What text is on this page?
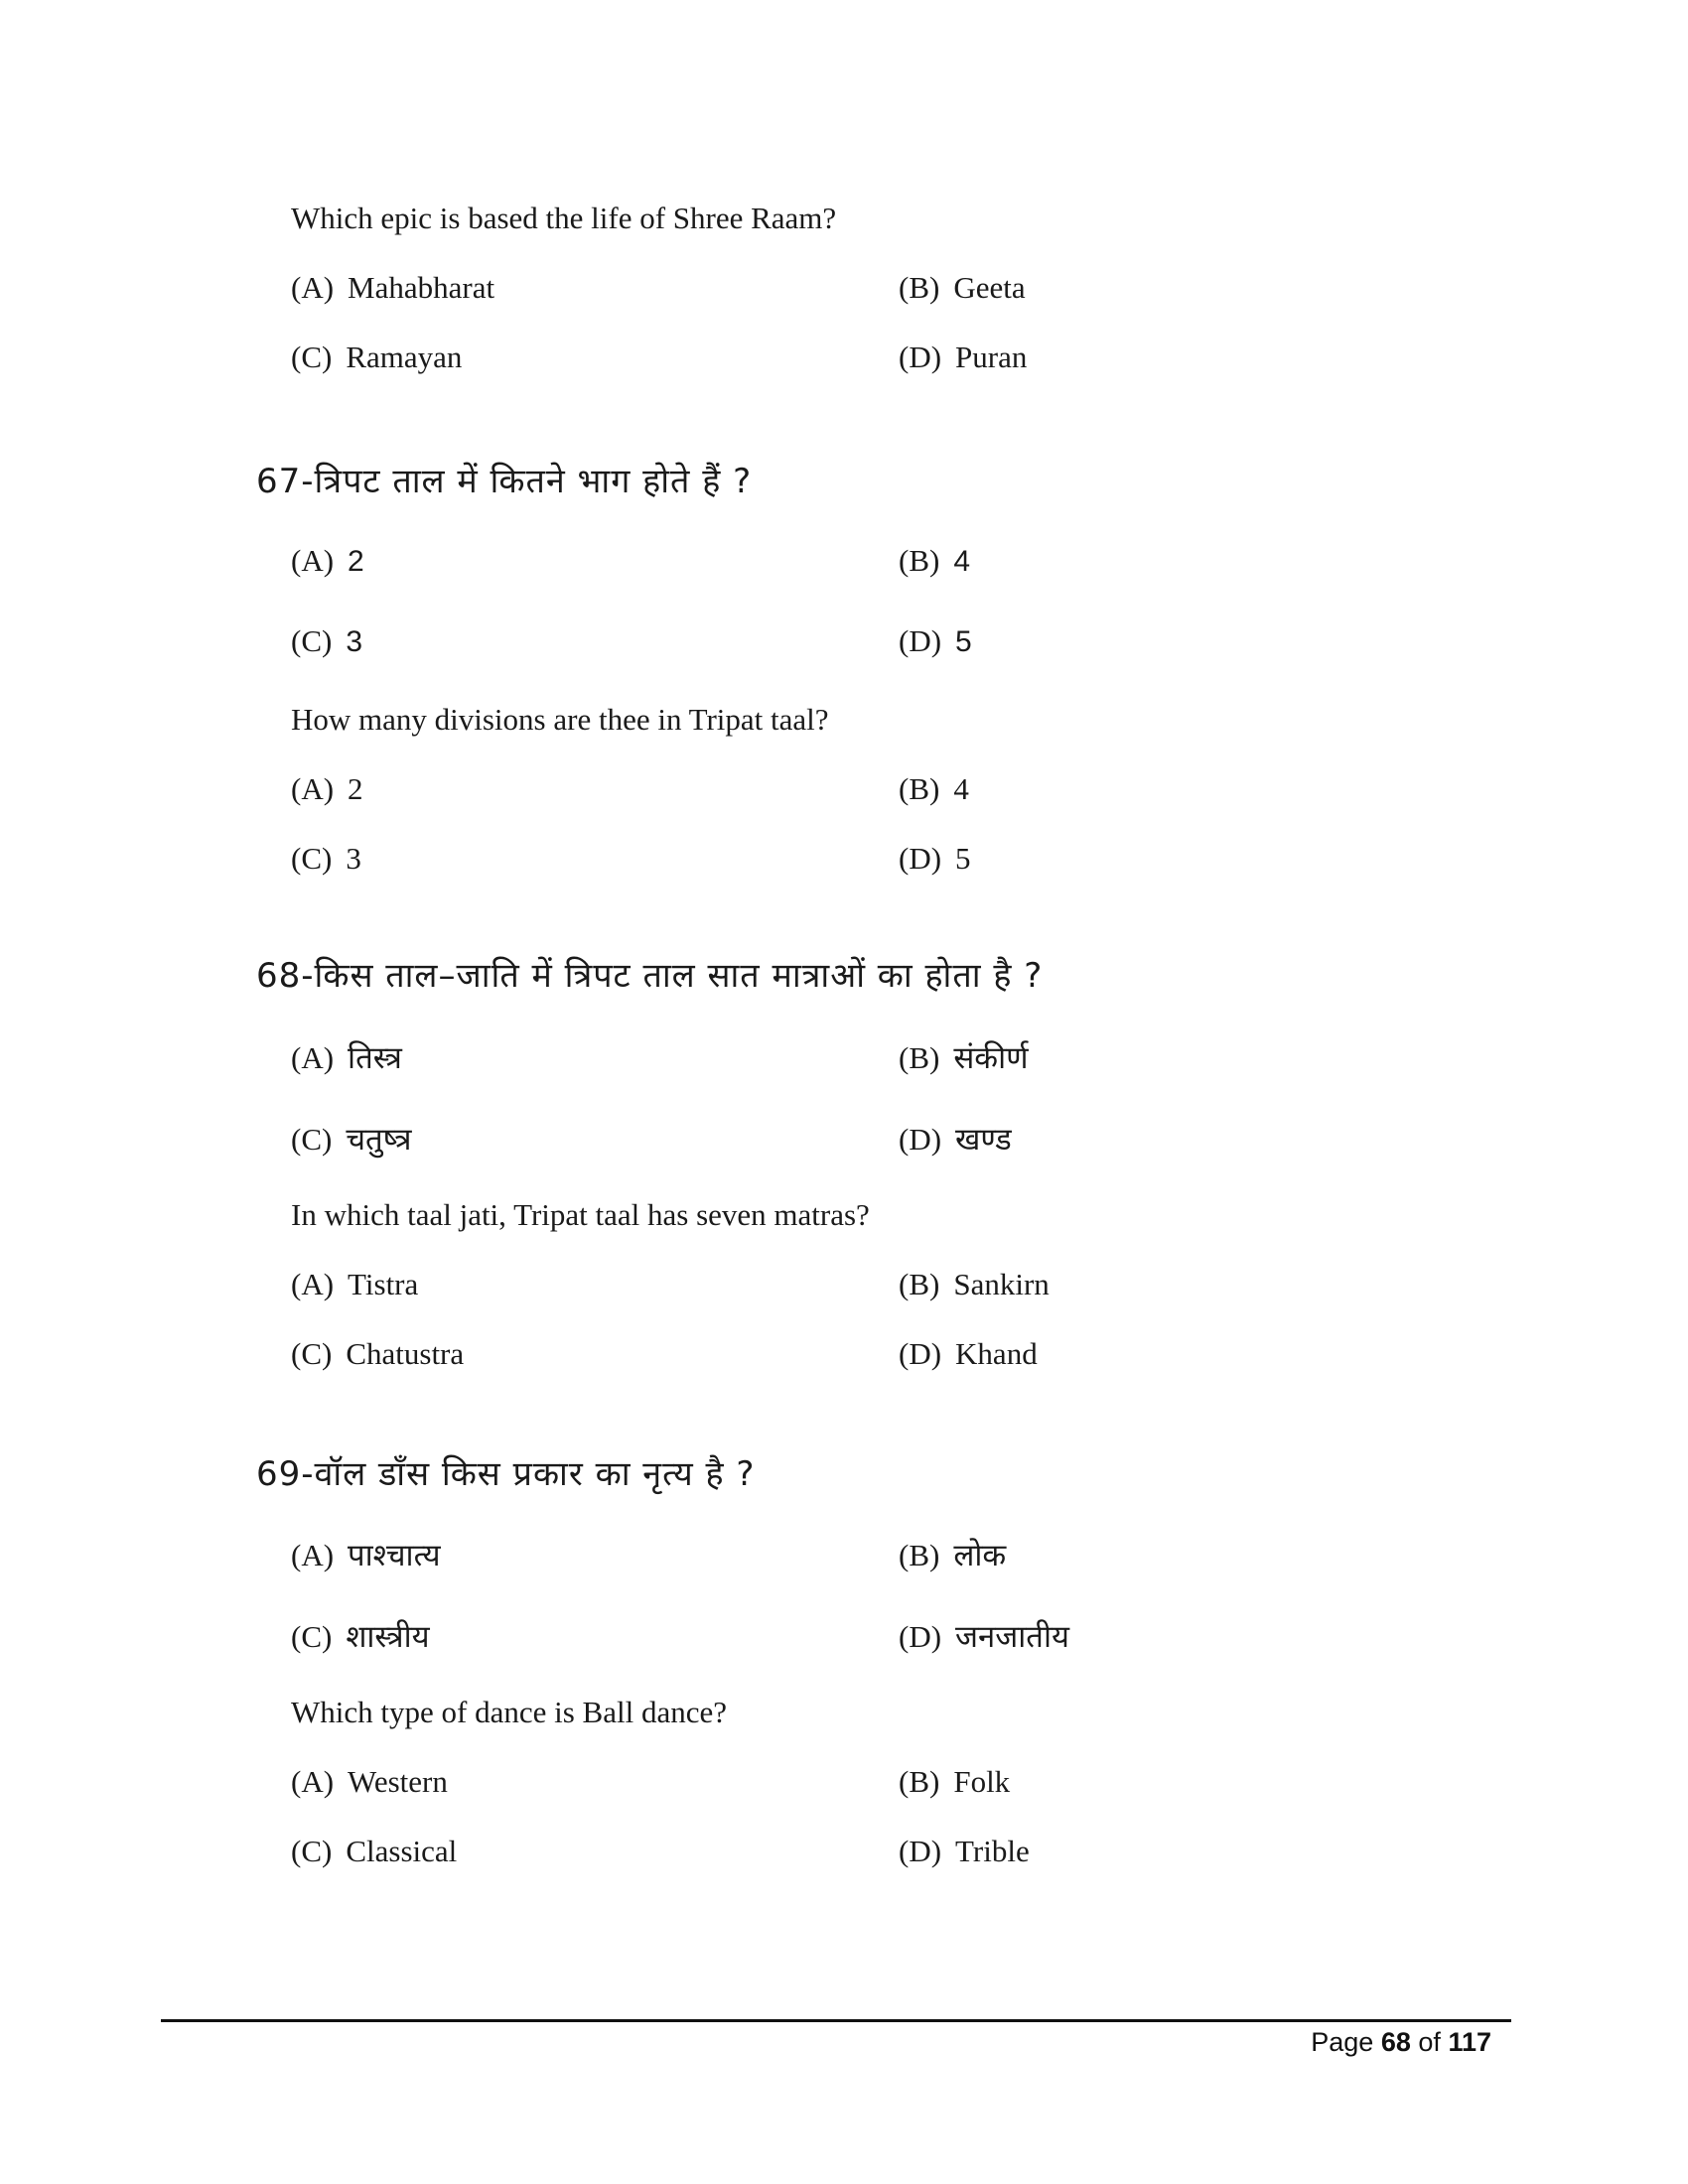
Which epic is based the life of Shree Raam?
(A) Mahabharat	(B) Geeta
(C) Ramayan	(D) Puran
67-त्रिपट ताल में कितने भाग होते हैं ?
(A) 2	(B) 4
(C) 3	(D) 5
How many divisions are thee in Tripat taal?
(A) 2	(B) 4
(C) 3	(D) 5
68-किस ताल–जाति में त्रिपट ताल सात मात्राओं का होता है ?
(A) तिस्त्र	(B) संकीर्ण
(C) चतुष्त्र	(D) खण्ड
In which taal jati, Tripat taal has seven matras?
(A) Tistra	(B) Sankirn
(C) Chatustra	(D) Khand
69-वॉल डाँस किस प्रकार का नृत्य है ?
(A) पाश्चात्य	(B) लोक
(C) शास्त्रीय	(D) जनजातीय
Which type of dance is Ball dance?
(A) Western	(B) Folk
(C) Classical	(D) Trible
Page 68 of 117
